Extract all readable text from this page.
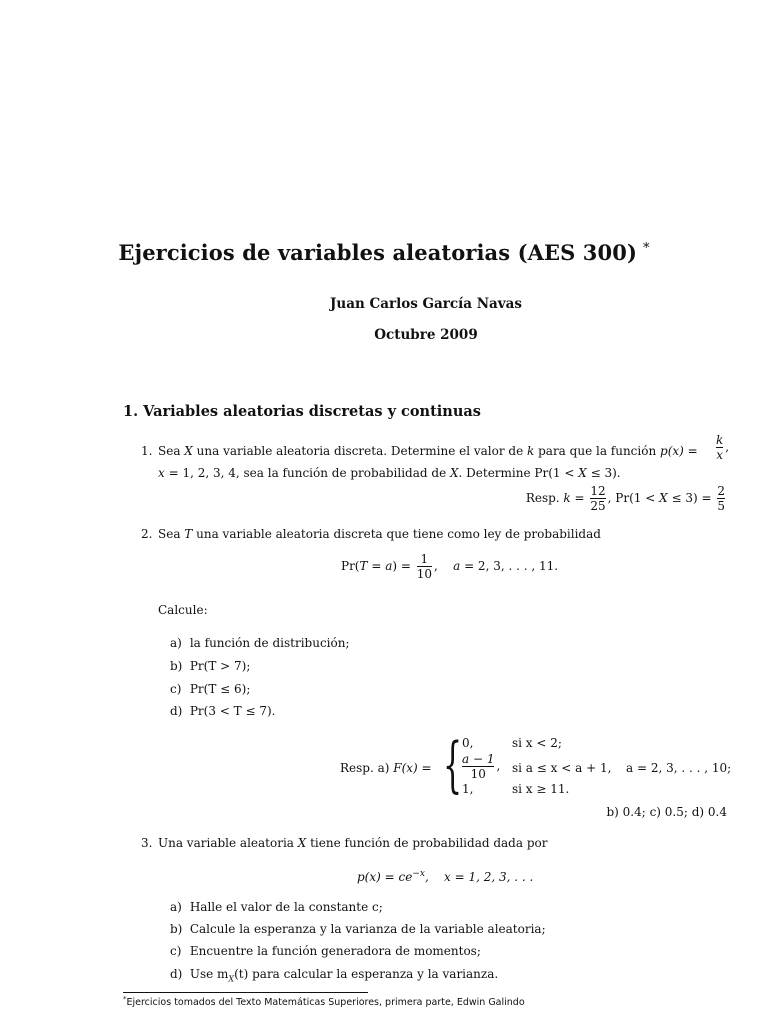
Ejercicios de variables aleatorias (AES 300) *
Juan Carlos García Navas
Octubre 2009
1. Variables aleatorias discretas y continuas
1. Sea X una variable aleatoria discreta. Determine el valor de k para que la función $p(x) = \frac{k}{x}$ ,
x = 1, 2, 3, 4, sea la función de probabilidad de X. Determine Pr(1 < X ≤ 3).
Resp. $k = \frac{12}{25}$ , $Pr(1 < X \le 3) = \frac{2}{5}$
2. Sea T una variable aleatoria discreta que tiene como ley de probabilidad
$Pr(T = a) = \frac{1}{10}$ ,    a = 2, 3, . . . , 11.
Calcule:
a) la función de distribución;
b) Pr(T > 7);
c) Pr(T ≤ 6);
d) Pr(3 < T ≤ 7).
Resp. a) F(x) = { 0,	si x < 2;
$\frac{a - 1}{10}$ , si a ≤ x < a + 1, a = 2, 3, . . . , 10;
1,	si x ≥ 11.
b) 0.4; c) 0.5; d) 0.4
3. Una variable aleatoria X tiene función de probabilidad dada por
$p(x) = ce^{-x}$,    x = 1, 2, 3, . . .
a) Halle el valor de la constante c;
b) Calcule la esperanza y la varianza de la variable aleatoria;
c) Encuentre la función generadora de momentos;
d) Use $m_X(t)$ para calcular la esperanza y la varianza.
*Ejercicios tomados del Texto Matemáticas Superiores, primera parte, Edwin Galindo
